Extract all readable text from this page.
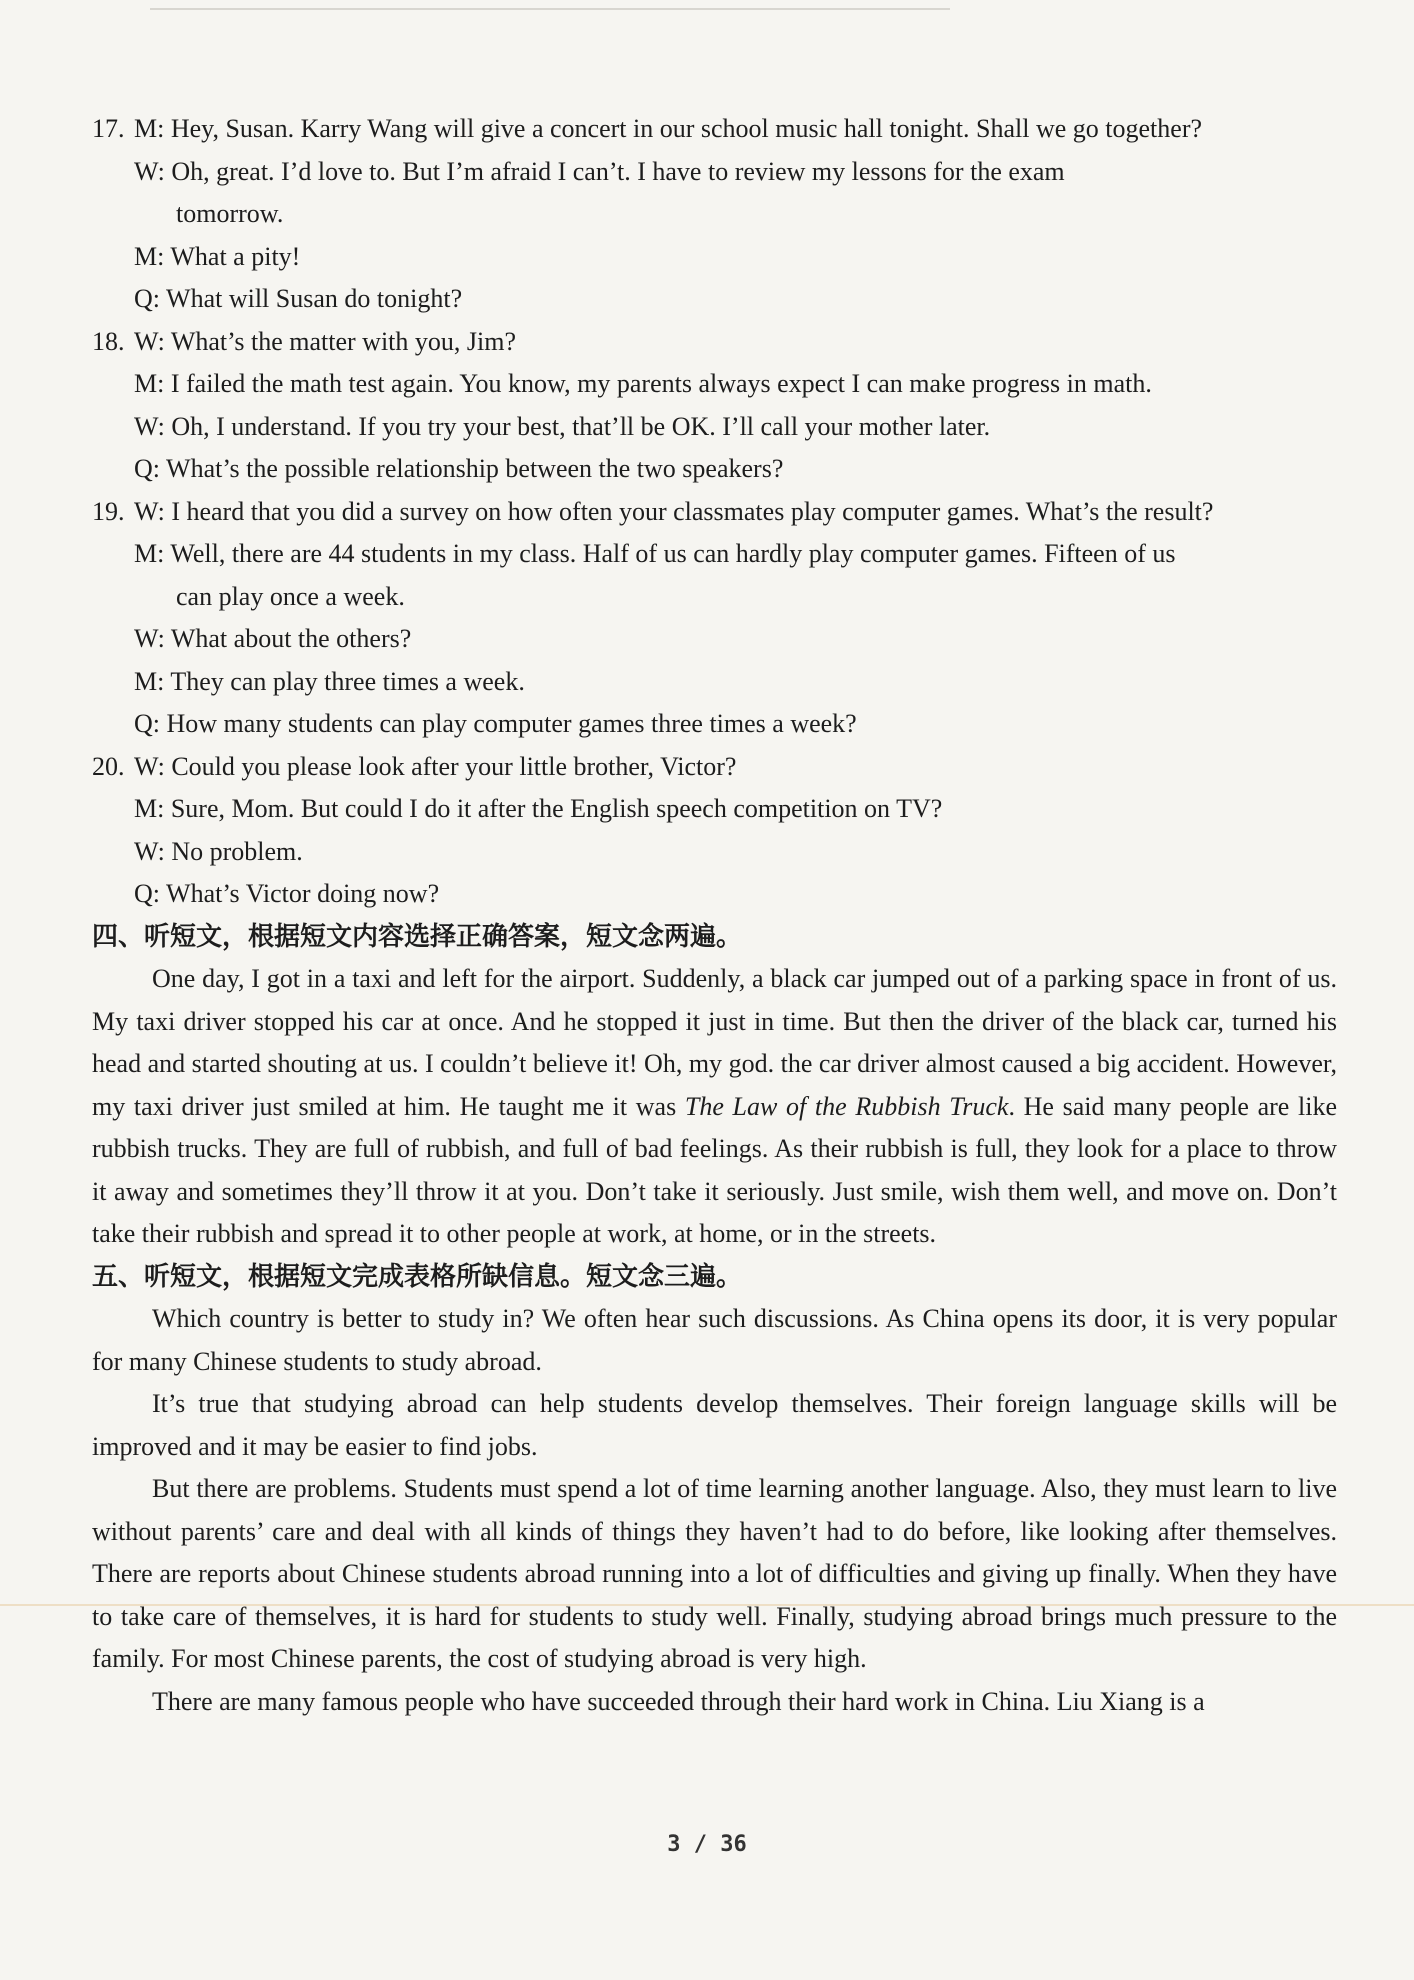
17. M: Hey, Susan. Karry Wang will give a concert in our school music hall tonight. Shall we go together?
W: Oh, great. I’d love to. But I’m afraid I can’t. I have to review my lessons for the exam
tomorrow.
M: What a pity!
Q: What will Susan do tonight?
18. W: What’s the matter with you, Jim?
M: I failed the math test again. You know, my parents always expect I can make progress in math.
W: Oh, I understand. If you try your best, that’ll be OK. I’ll call your mother later.
Q: What’s the possible relationship between the two speakers?
19. W: I heard that you did a survey on how often your classmates play computer games. What’s the result?
M: Well, there are 44 students in my class. Half of us can hardly play computer games. Fifteen of us
can play once a week.
W: What about the others?
M: They can play three times a week.
Q: How many students can play computer games three times a week?
20. W: Could you please look after your little brother, Victor?
M: Sure, Mom. But could I do it after the English speech competition on TV?
W: No problem.
Q: What’s Victor doing now?
四、听短文，根据短文内容选择正确答案，短文念两遍。
One day, I got in a taxi and left for the airport. Suddenly, a black car jumped out of a parking space in front of us. My taxi driver stopped his car at once. And he stopped it just in time. But then the driver of the black car, turned his head and started shouting at us. I couldn’t believe it! Oh, my god. the car driver almost caused a big accident. However, my taxi driver just smiled at him. He taught me it was The Law of the Rubbish Truck. He said many people are like rubbish trucks. They are full of rubbish, and full of bad feelings. As their rubbish is full, they look for a place to throw it away and sometimes they’ll throw it at you. Don’t take it seriously. Just smile, wish them well, and move on. Don’t take their rubbish and spread it to other people at work, at home, or in the streets.
五、听短文，根据短文完成表格所缺信息。短文念三遍。
Which country is better to study in? We often hear such discussions. As China opens its door, it is very popular for many Chinese students to study abroad.
It’s true that studying abroad can help students develop themselves. Their foreign language skills will be improved and it may be easier to find jobs.
But there are problems. Students must spend a lot of time learning another language. Also, they must learn to live without parents’ care and deal with all kinds of things they haven’t had to do before, like looking after themselves. There are reports about Chinese students abroad running into a lot of difficulties and giving up finally. When they have to take care of themselves, it is hard for students to study well. Finally, studying abroad brings much pressure to the family. For most Chinese parents, the cost of studying abroad is very high.
There are many famous people who have succeeded through their hard work in China. Liu Xiang is a
3 / 36
